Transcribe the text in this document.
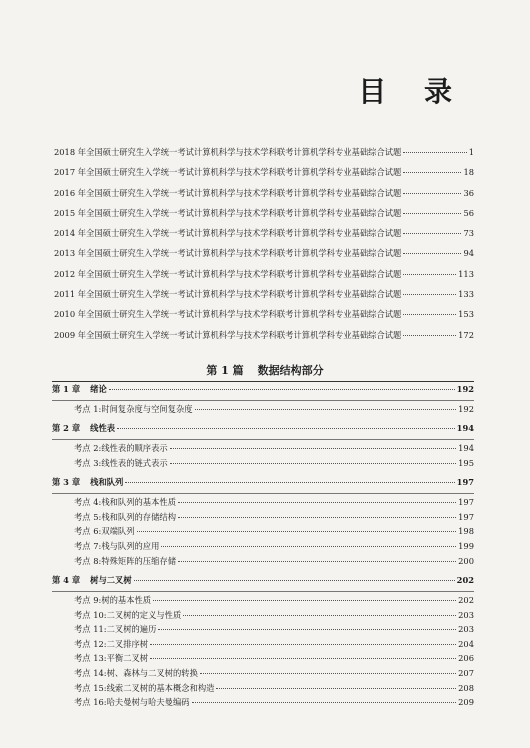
目 录
2018 年全国硕士研究生入学统一考试计算机科学与技术学科联考计算机学科专业基础综合试题	1
2017 年全国硕士研究生入学统一考试计算机科学与技术学科联考计算机学科专业基础综合试题	18
2016 年全国硕士研究生入学统一考试计算机科学与技术学科联考计算机学科专业基础综合试题	36
2015 年全国硕士研究生入学统一考试计算机科学与技术学科联考计算机学科专业基础综合试题	56
2014 年全国硕士研究生入学统一考试计算机科学与技术学科联考计算机学科专业基础综合试题	73
2013 年全国硕士研究生入学统一考试计算机科学与技术学科联考计算机学科专业基础综合试题	94
2012 年全国硕士研究生入学统一考试计算机科学与技术学科联考计算机学科专业基础综合试题	113
2011 年全国硕士研究生入学统一考试计算机科学与技术学科联考计算机学科专业基础综合试题	133
2010 年全国硕士研究生入学统一考试计算机科学与技术学科联考计算机学科专业基础综合试题	153
2009 年全国硕士研究生入学统一考试计算机科学与技术学科联考计算机学科专业基础综合试题	172
第 1 篇 数据结构部分
第 1 章 绪论	192
考点 1: 时间复杂度与空间复杂度	192
第 2 章 线性表	194
考点 2: 线性表的顺序表示	194
考点 3: 线性表的链式表示	195
第 3 章 栈和队列	197
考点 4: 栈和队列的基本性质	197
考点 5: 栈和队列的存储结构	197
考点 6: 双端队列	198
考点 7: 栈与队列的应用	199
考点 8: 特殊矩阵的压缩存储	200
第 4 章 树与二叉树	202
考点 9: 树的基本性质	202
考点 10: 二叉树的定义与性质	203
考点 11: 二叉树的遍历	203
考点 12: 二叉排序树	204
考点 13: 平衡二叉树	206
考点 14: 树、森林与二叉树的转换	207
考点 15: 线索二叉树的基本概念和构造	208
考点 16: 哈夫曼树与哈夫曼编码	209
